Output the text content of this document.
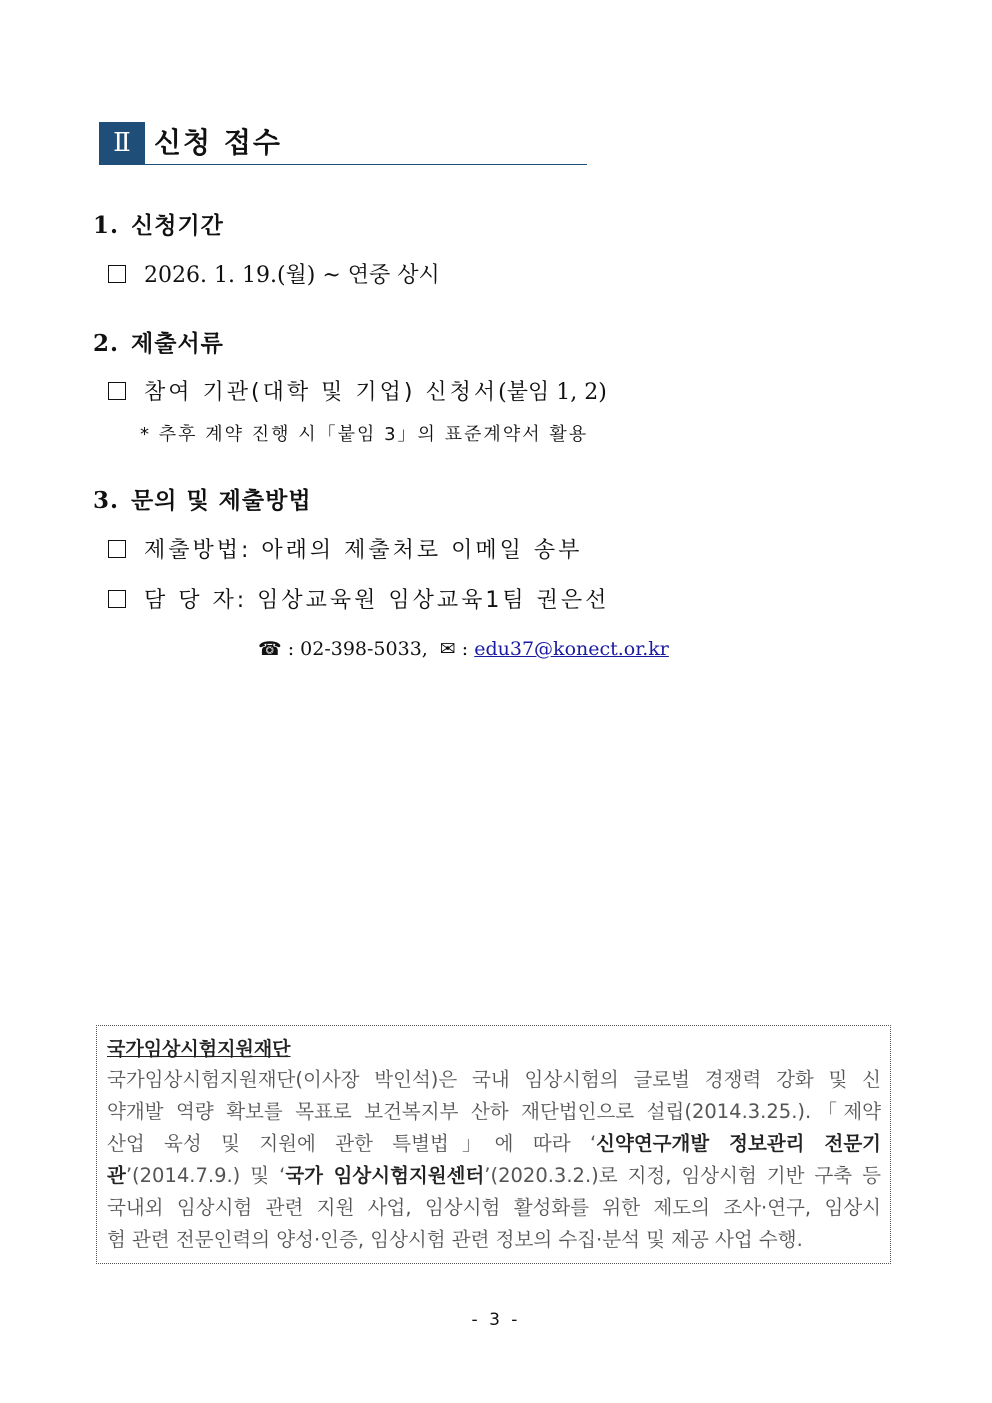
Ⅱ 신청 접수
1. 신청기간
2026. 1. 19.(월) ~ 연중 상시
2. 제출서류
참여 기관(대학 및 기업) 신청서 (붙임 1, 2)
* 추후 계약 진행 시「붙임 3」의 표준계약서 활용
3. 문의 및 제출방법
제출방법: 아래의 제출처로 이메일 송부
담 당 자: 임상교육원 임상교육1팀 권은선
☎ : 02-398-5033, ✉ : edu37@konect.or.kr
국가임상시험지원재단
국가임상시험지원재단(이사장 박인석)은 국내 임상시험의 글로벌 경쟁력 강화 및 신
약개발 역량 확보를 목표로 보건복지부 산하 재단법인으로 설립(2014.3.25.).「제약
산업 육성 및 지원에 관한 특별법」에 따라 ‘신약연구개발 정보관리 전문기
관’(2014.7.9.) 및 ‘국가 임상시험지원센터’(2020.3.2.)로 지정, 임상시험 기반 구축 등
국내외 임상시험 관련 지원 사업, 임상시험 활성화를 위한 제도의 조사·연구, 임상시
험 관련 전문인력의 양성·인증, 임상시험 관련 정보의 수집·분석 및 제공 사업 수행.
- 3 -
